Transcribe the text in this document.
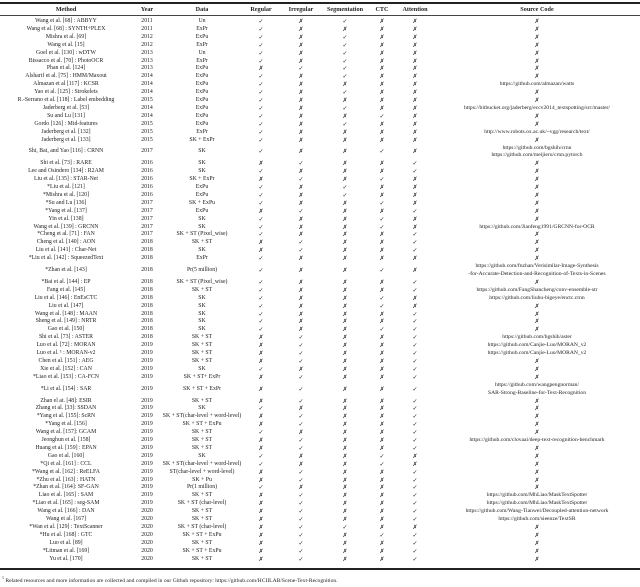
Method	Year	Data	Regular	Irregular	Segmentation	CTC	Attention	Source Code

Wang et al. [68] : ABBYY	2011	Un	✓	✗	✓	✗	✗	✗
Wang et al. [68] : SYNTH+PLEX	2011	ExPr	✓	✗	✗	✗	✗	✗
Mishra et al. [69]	2012	ExPu	✓	✗	✓	✗	✗	✗
Wang et al. [15]	2012	ExPr	✓	✗	✓	✗	✗	✗
Goel et al. [130] : wDTW	2013	Un	✓	✗	✓	✗	✗	✗
Bissacco et al. [70] : PhotoOCR	2013	ExPr	✓	✗	✓	✗	✗	✗
Phan et al. [124]	2013	ExPu	✗	✓	✓	✗	✗	✗
Alsharif et al. [75] : HMM/Maxout	2014	ExPu	✓	✗	✓	✗	✗	✗
Almazan et al [117] : KCSR	2014	ExPu	✓	✗	✗	✗	✗	https://github.com/almazan/watts
Yao et al. [125] : Strokelets	2014	ExPu	✓	✗	✓	✗	✗	✗
R.-Serrano et al. [118] : Label embedding	2015	ExPu	✓	✗	✗	✗	✗	✗
Jaderberg et al. [53]	2014	ExPu	✓	✗	✓	✗	✗	https://bitbucket.org/jaderberg/eccv2014_textspotting/src/master/
Su and Lu [131]	2014	ExPu	✓	✗	✗	✓	✗	✗
Gordo [126] : Mid-features	2015	ExPu	✓	✗	✓	✗	✗	✗
Jaderberg et al. [132]	2015	ExPr	✓	✗	✗	✗	✗	http://www.robots.ox.ac.uk/~vgg/research/text/
Jaderberg et al. [133]	2015	SK + ExPr	✓	✗	✗	✗	✗	✗
Shi, Bai, and Yao [116] : CRNN	2017	SK	✓	✗	✗	✓	✗	https://github.com/bgshih/crnn
https://github.com/meijieru/crnn.pytorch
Shi et al. [73] : RARE	2016	SK	✗	✓	✗	✗	✓	✗
Lee and Osindero [134] : R2AM	2016	SK	✓	✗	✗	✗	✓	✗
Liu et al. [135] : STAR-Net	2016	SK + ExPr	✗	✓	✗	✓	✗	✗
*Liu et al. [121]	2016	ExPu	✓	✗	✓	✗	✗	✗
*Mishra et al. [120]	2016	ExPu	✓	✗	✓	✗	✗	✗
*Su and Lu [136]	2017	SK + ExPu	✓	✗	✗	✓	✗	✗
*Yang et al. [137]	2017	ExPu	✗	✓	✗	✗	✓	✗
Yin et al. [138]	2017	SK	✓	✗	✗	✓	✗	✗
Wang et al. [139] : GRCNN	2017	SK	✓	✗	✗	✓	✗	https://github.com/Jianfeng1991/GRCNN-for-OCR
*Cheng et al. [71] : FAN	2017	SK + ST (Pixel_wise)	✓	✗	✗	✗	✓	✗
Cheng et al. [140] : AON	2018	SK + ST	✗	✓	✗	✗	✓	✗
Liu et al. [141] : Char-Net	2018	SK	✗	✓	✗	✗	✓	✗
*Liu et al. [142] : SqueezedText	2018	ExPr	✓	✗	✗	✗	✗	✗
*Zhan et al. [143]	2018	Pr(5 million)	✓	✗	✗	✓	✗	https://github.com/fnzhan/Verisimilar-Image-Synthesis
-for-Accurate-Detection-and-Recognition-of-Texts-in-Scenes
*Bai et al. [144] : EP	2018	SK + ST (Pixel_wise)	✓	✗	✗	✗	✓	✗
Fang et al. [145]	2018	SK + ST	✓	✗	✗	✗	✓	https://github.com/FangShancheng/conv-ensemble-str
Liu et al. [146] : EnEsCTC	2018	SK	✓	✗	✗	✓	✗	https://github.com/liuhu-bigeye/enctc.crnn
Liu et al. [147]	2018	SK	✓	✗	✗	✓	✗	✗
Wang et al. [148] : MAAN	2018	SK	✓	✗	✗	✗	✓	✗
Sheng et al. [149] : NRTR	2018	SK	✓	✗	✗	✗	✓	✗
Gao et al. [150]	2018	SK	✓	✗	✗	✓	✓	✗
Shi et al. [73] : ASTER	2018	SK + ST	✗	✓	✗	✗	✓	https://github.com/bgshih/aster
Luo et al. [72] : MORAN	2019	SK + ST	✗	✓	✗	✗	✓	https://github.com/Canjie-Luo/MORAN_v2
Luo et al. ¹ : MORAN-v2	2019	SK + ST	✗	✓	✗	✗	✓	https://github.com/Canjie-Luo/MORAN_v2
Chen et al. [151] : AEG	2019	SK + ST	✗	✓	✗	✗	✓	✗
Xie et al. [152] : CAN	2019	SK	✓	✗	✗	✗	✓	✗
*Liao et al. [153] : CA-FCN	2019	SK + ST+ ExPr	✗	✓	✗	✗	✓	✗
*Li et al. [154] : SAR	2019	SK + ST + ExPr	✗	✓	✗	✗	✓	https://github.com/wangpengnorman/
SAR-Strong-Baseline-for-Text-Recognition
Zhan el at. [48]: ESIR	2019	SK + ST	✗	✓	✗	✗	✓	✗
Zhang et al. [33]: SSDAN	2019	SK	✓	✗	✗	✗	✓	✗
*Yang et al. [155]: ScRN	2019	SK + ST(char-level + word-level)	✗	✓	✗	✗	✓	✗
*Yang et al. [156]	2019	SK + ST + ExPu	✗	✓	✗	✗	✓	✗
Wang et al. [157]: GCAM	2019	SK + ST	✓	✗	✗	✗	✓	✗
Jeonghun et al. [158]	2019	SK + ST	✗	✓	✗	✗	✓	https://github.com/clovaai/deep-text-recognition-benchmark
Huang et al. [159] : EPAN	2019	SK + ST	✗	✓	✗	✗	✓	✗
Gao et al. [160]	2019	SK	✓	✗	✗	✓	✗	✗
*Qi et al. [161] : CCL	2019	SK + ST(char-level + word-level)	✓	✗	✗	✓	✗	✗
*Wang et al. [162] : ReELFA	2019	ST(char-level + word-level)	✗	✓	✗	✗	✓	✗
*Zhu et al. [163] : HATN	2019	SK + Pu	✗	✓	✗	✗	✓	✗
*Zhan et al. [164]: SF-GAN	2019	Pr(1 million)	✓	✗	✗	✗	✓	✗
Liao et al. [165] : SAM	2019	SK + ST	✗	✓	✗	✗	✓	https://github.com/MhLiao/MaskTextSpotter
*Liao et al. [165] : seg-SAM	2019	SK + ST (char-level)	✗	✓	✗	✗	✓	https://github.com/MhLiao/MaskTextSpotter
Wang et al. [166] : DAN	2020	SK + ST	✗	✓	✗	✗	✓	https://github.com/Wang-Tianwei/Decoupled-attention-network
Wang et al. [167]	2020	SK + ST	✗	✓	✗	✗	✓	https://github.com/sieenze/TextSR
*Wan et al. [129] : TextScanner	2020	SK + ST (char-level)	✗	✓	✓	✗	✗	✗
*Hu et al. [168] : GTC	2020	SK + ST + ExPu	✗	✓	✗	✓	✓	✗
Luo et al. [89]	2020	SK + ST	✗	✓	✗	✗	✓	✗
*Litman et al. [169]	2020	SK + ST + ExPu	✗	✓	✗	✗	✓	✗
Yu et al. [170]	2020	SK + ST	✗	✓	✗	✗	✓	✗
$^1$ Related resources and more information are collected and compiled in our Github repository: https://github.com/HCIILAB/Scene-Text-Recognition.
